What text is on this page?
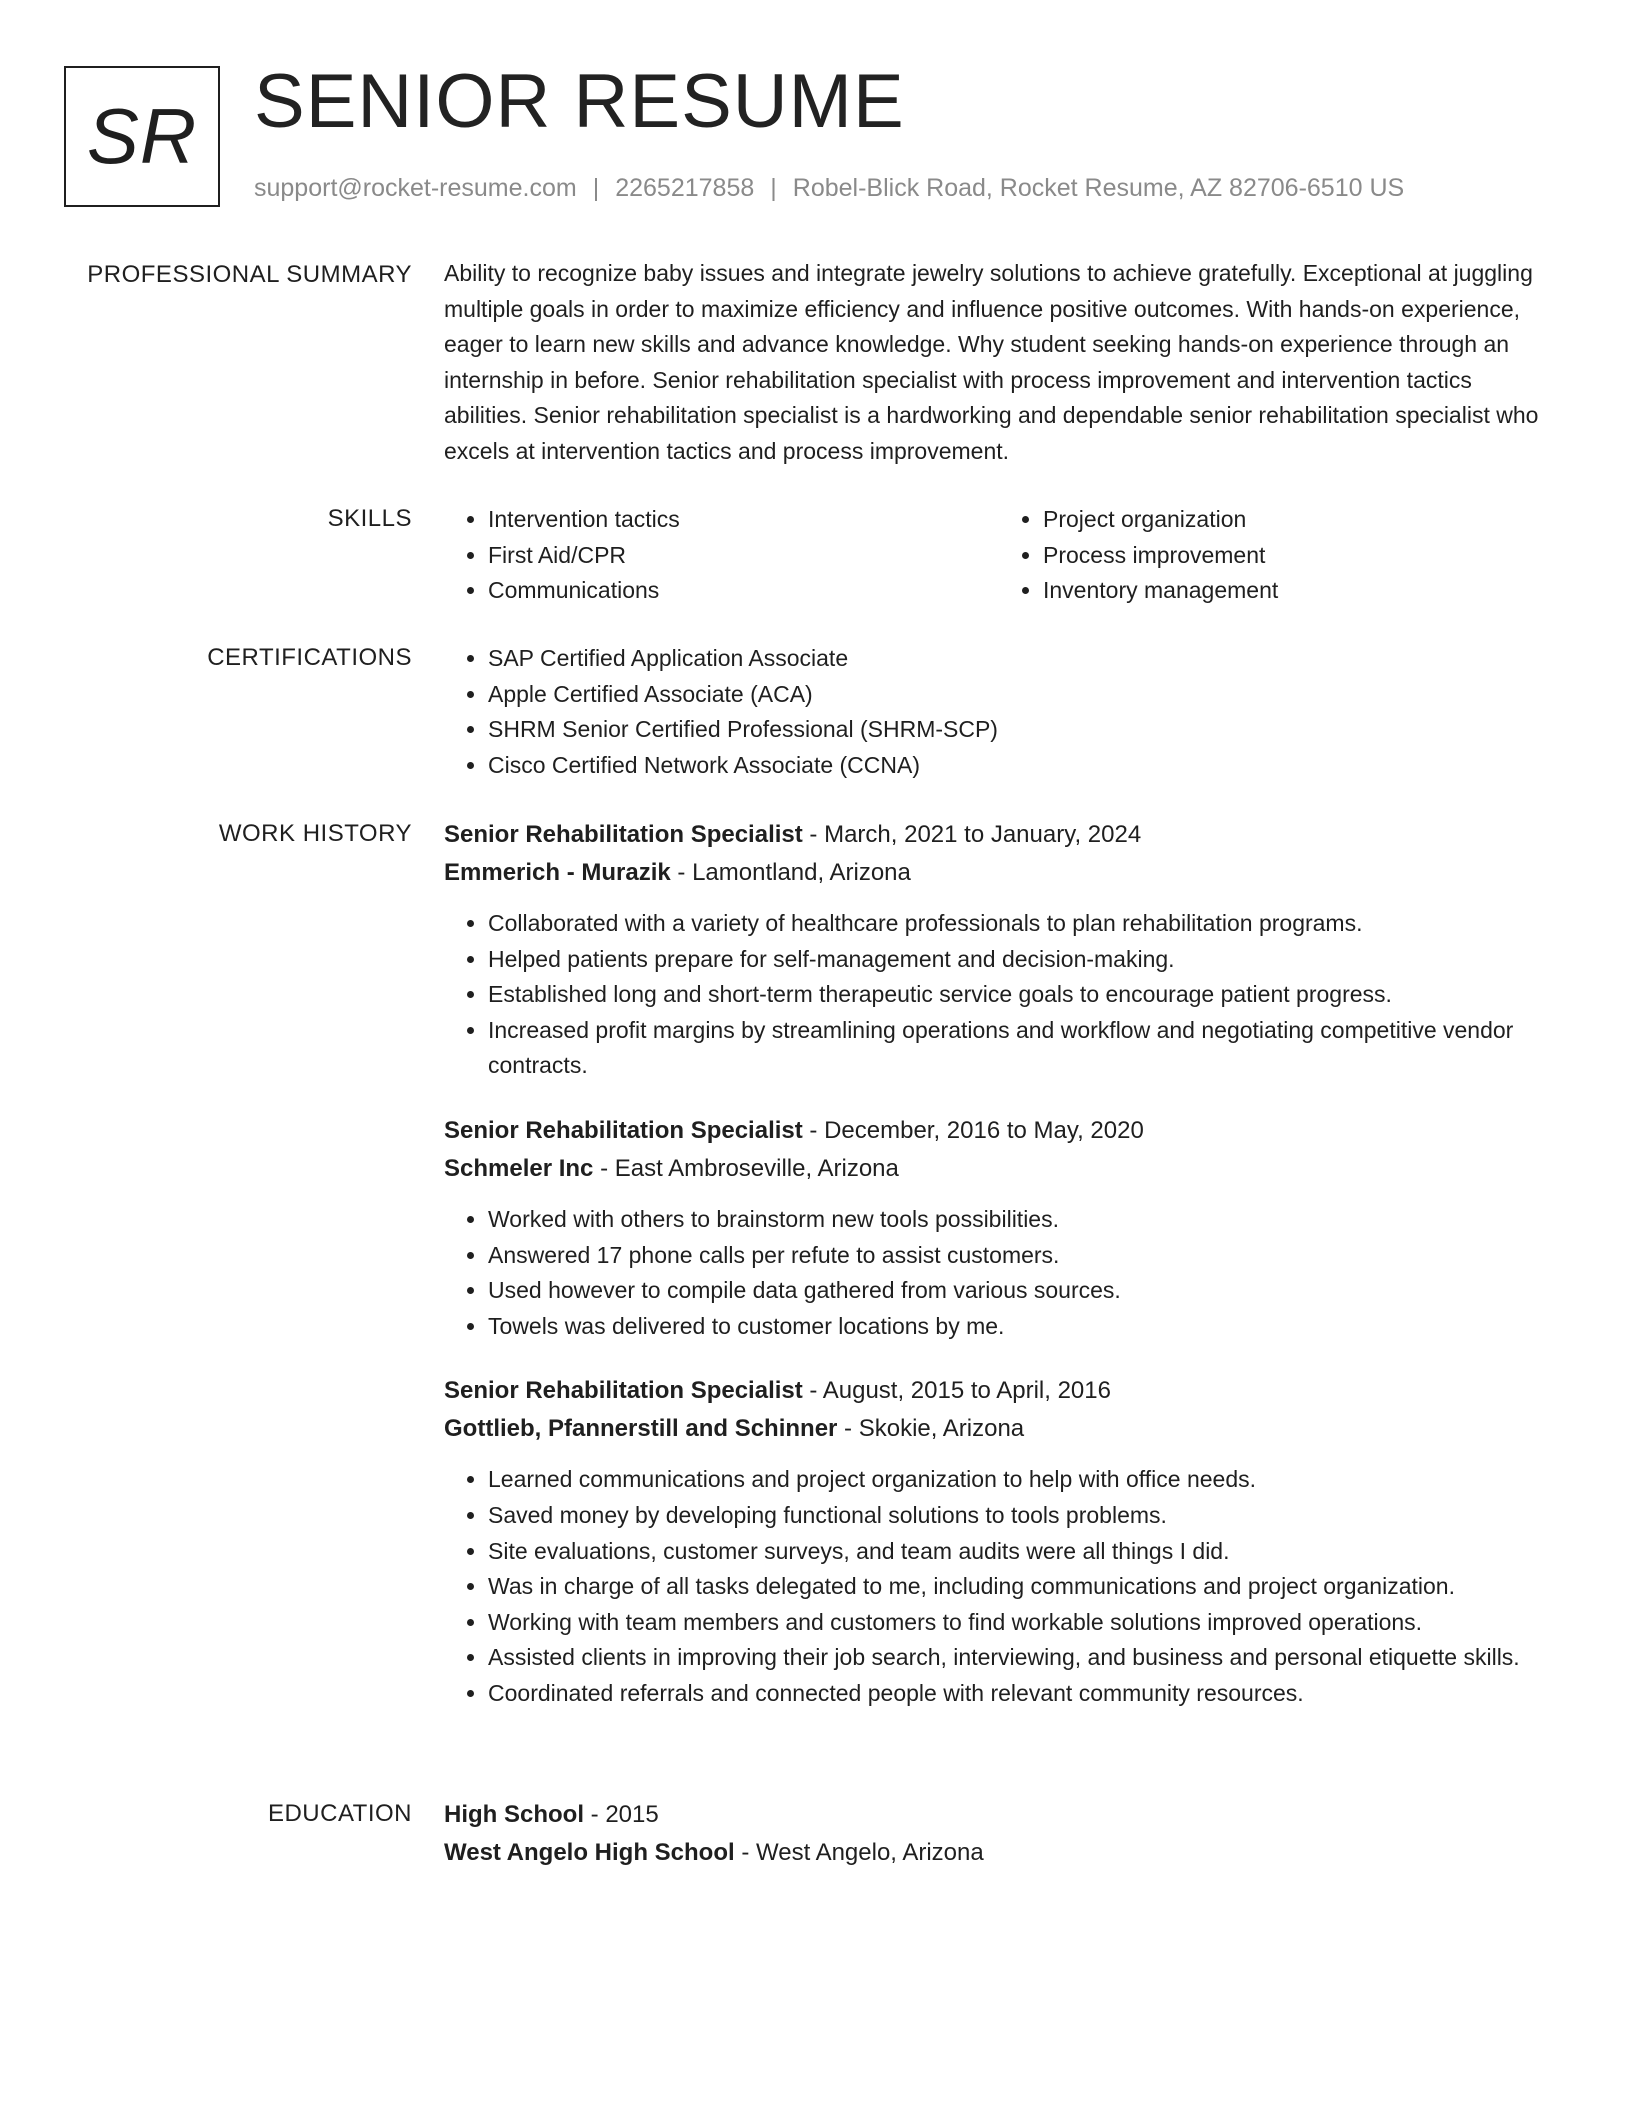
SR SENIOR RESUME
support@rocket-resume.com | 2265217858 | Robel-Blick Road, Rocket Resume, AZ 82706-6510 US
PROFESSIONAL SUMMARY Ability to recognize baby issues and integrate jewelry solutions to achieve gratefully. Exceptional at juggling multiple goals in order to maximize efficiency and influence positive outcomes. With hands-on experience, eager to learn new skills and advance knowledge. Why student seeking hands-on experience through an internship in before. Senior rehabilitation specialist with process improvement and intervention tactics abilities. Senior rehabilitation specialist is a hardworking and dependable senior rehabilitation specialist who excels at intervention tactics and process improvement.

SKILLS	• Intervention tactics
• First Aid/CPR
• Communications
• Project organization
• Process improvement
• Inventory management
CERTIFICATIONS	• SAP Certified Application Associate
• Apple Certified Associate (ACA)
• SHRM Senior Certified Professional (SHRM-SCP)
• Cisco Certified Network Associate (CCNA)
WORK HISTORY Senior Rehabilitation Specialist - March, 2021 to January, 2024
Emmerich - Murazik - Lamontland, Arizona
• Collaborated with a variety of healthcare professionals to plan rehabilitation programs.
• Helped patients prepare for self-management and decision-making.
• Established long and short-term therapeutic service goals to encourage patient progress.
• Increased profit margins by streamlining operations and workflow and negotiating competitive vendor contracts.
Senior Rehabilitation Specialist - December, 2016 to May, 2020
Schmeler Inc - East Ambroseville, Arizona
• Worked with others to brainstorm new tools possibilities.
• Answered 17 phone calls per refute to assist customers.
• Used however to compile data gathered from various sources.
• Towels was delivered to customer locations by me.
Senior Rehabilitation Specialist - August, 2015 to April, 2016
Gottlieb, Pfannerstill and Schinner - Skokie, Arizona
• Learned communications and project organization to help with office needs.
• Saved money by developing functional solutions to tools problems.
• Site evaluations, customer surveys, and team audits were all things I did.
• Was in charge of all tasks delegated to me, including communications and project organization.
• Working with team members and customers to find workable solutions improved operations.
• Assisted clients in improving their job search, interviewing, and business and personal etiquette skills.
• Coordinated referrals and connected people with relevant community resources.
EDUCATION High School - 2015
West Angelo High School - West Angelo, Arizona
